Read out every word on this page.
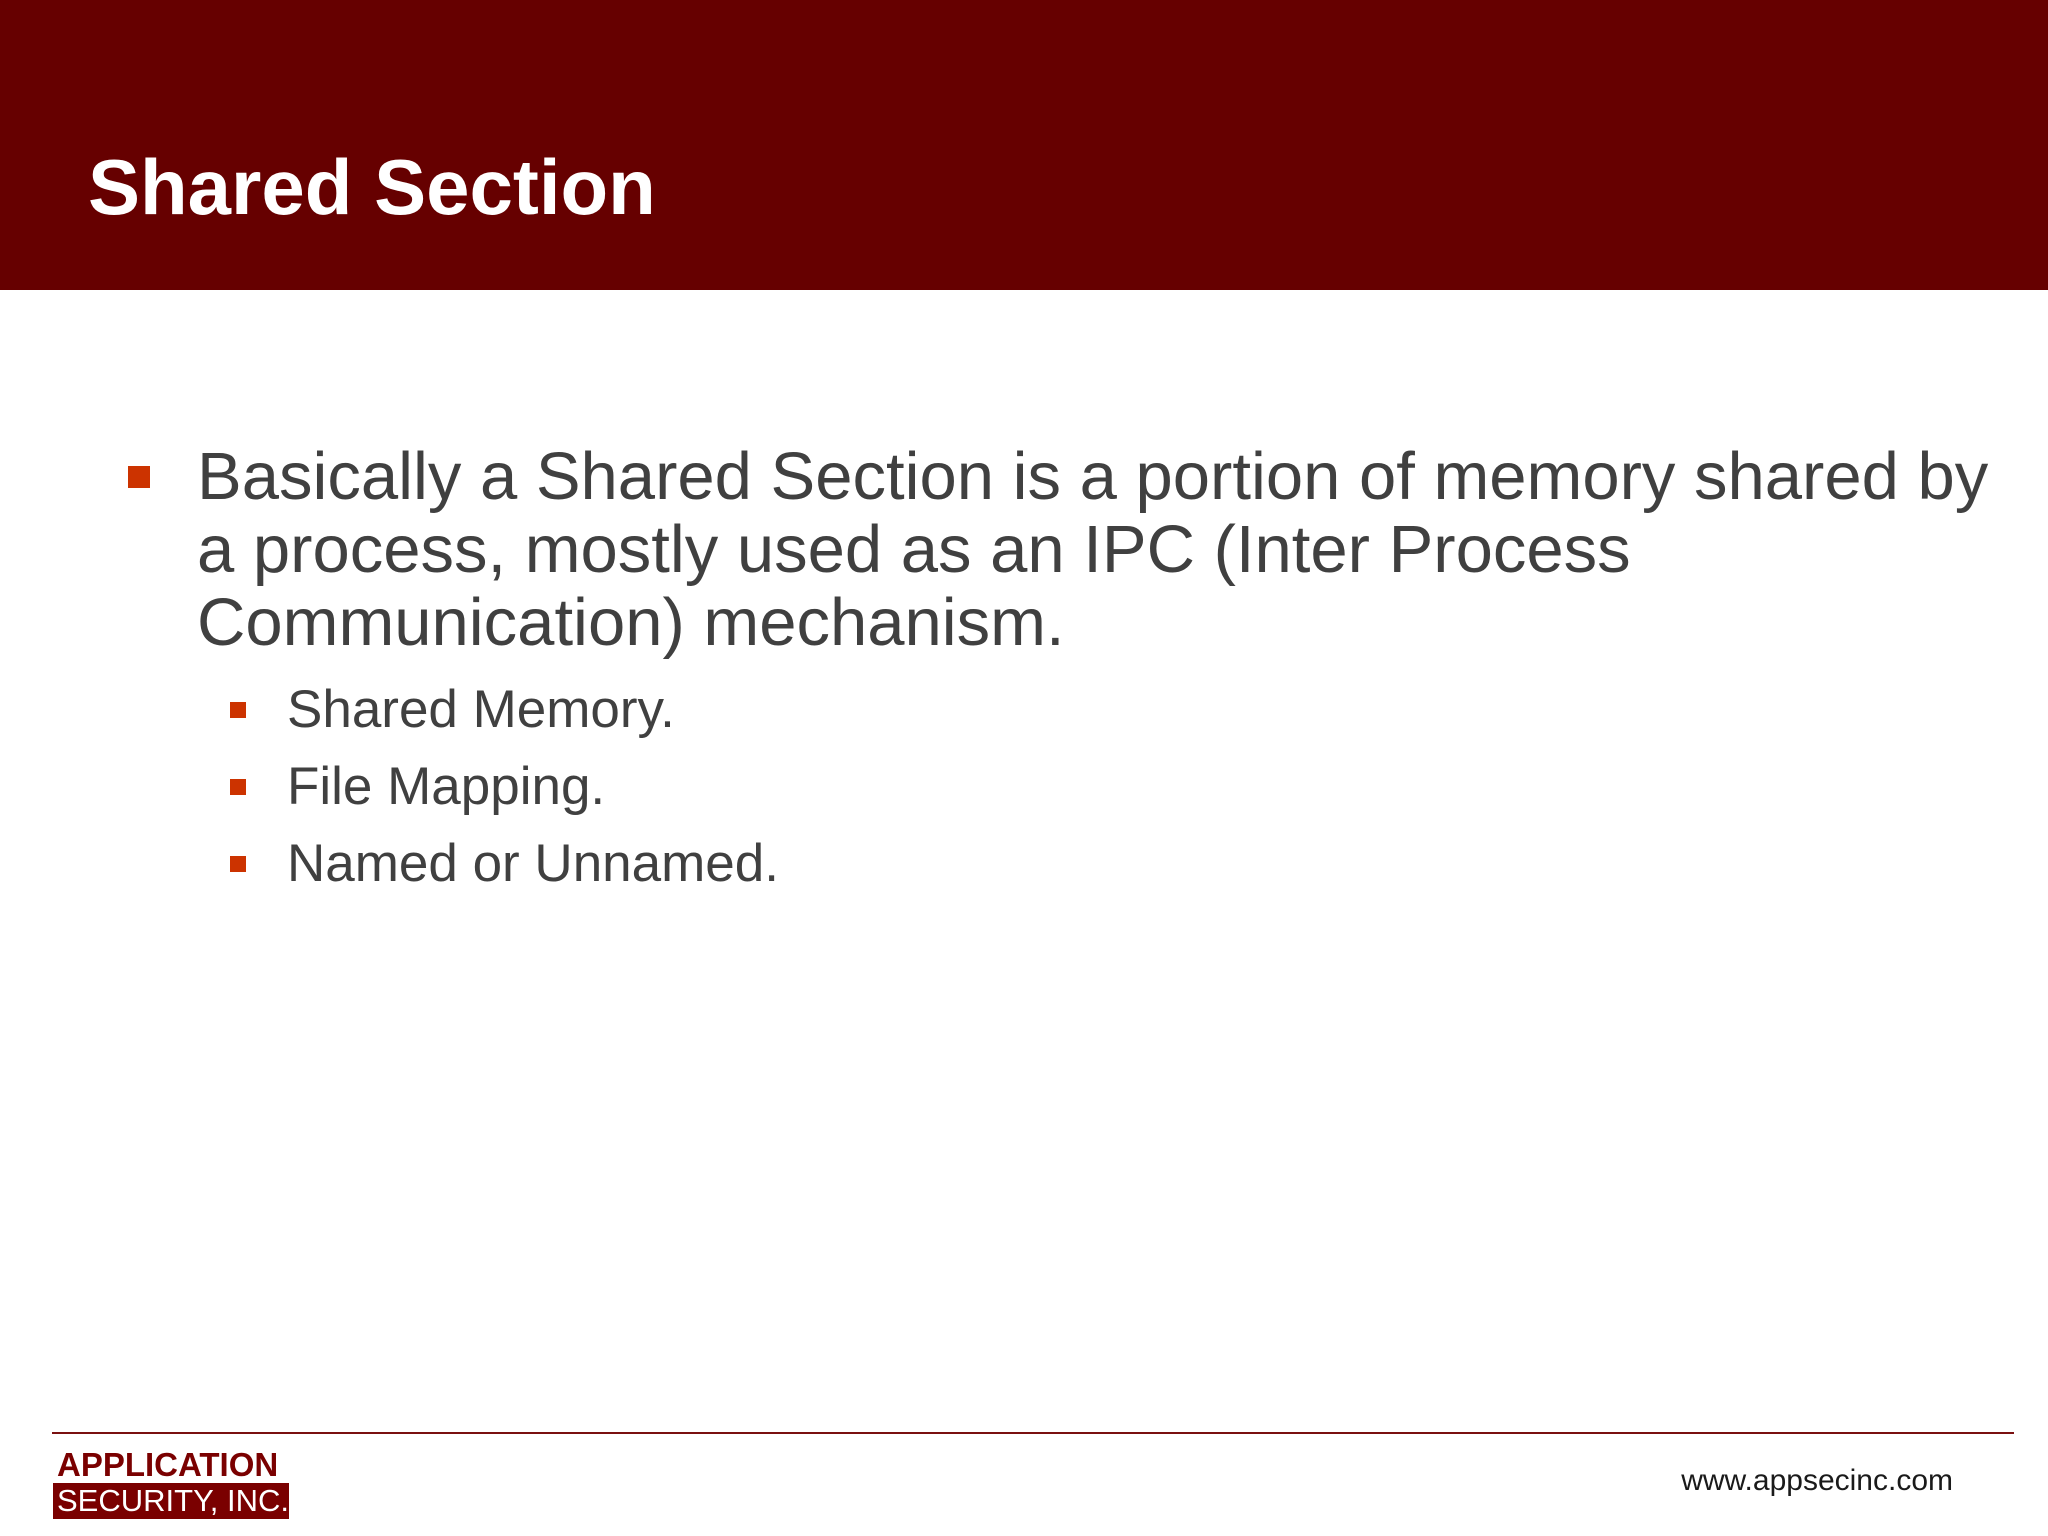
Shared Section

Basically a Shared Section is a portion of memory shared by a process, mostly used as an IPC (Inter Process Communication) mechanism.

Shared Memory.

File Mapping.

Named or Unnamed.

APPLICATION
SECURITY, INC.
www.appsecinc.com
